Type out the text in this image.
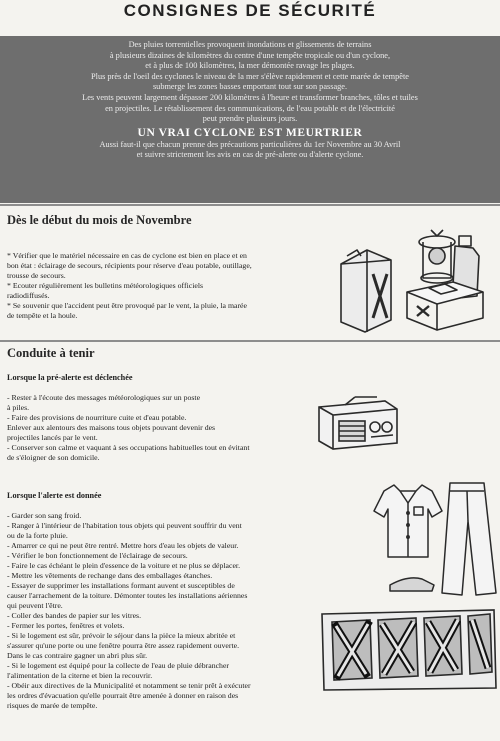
CONSIGNES DE SÉCURITÉ

Des pluies torrentielles provoquent inondations et glissements de terrains

à plusieurs dizaines de kilomètres du centre d'une tempête tropicale ou d'un cyclone,

et à plus de 100 kilomètres, la mer démontée ravage les plages.

Plus près de l'oeil des cyclones le niveau de la mer s'élève rapidement et cette marée de tempête

submerge les zones basses emportant tout sur son passage.

Les vents peuvent largement dépasser 200 kilomètres à l'heure et transformer branches, tôles et tuiles

en projectiles. Le rétablissement des communications, de l'eau potable et de l'électricité

peut prendre plusieurs jours.

UN VRAI CYCLONE EST MEURTRIER

Aussi faut-il que chacun prenne des précautions particulières du 1er Novembre au 30 Avril

et suivre strictement les avis en cas de pré-alerte ou d'alerte cyclone.

Dès le début du mois de Novembre

* Vérifier que le matériel nécessaire en cas de cyclone est bien en place et en

bon état : éclairage de secours, récipients pour réserve d'eau potable, outillage,

trousse de secours.

* Ecouter régulièrement les bulletins météorologiques officiels

radiodiffusés.

* Se souvenir que l'accident peut être provoqué par le vent, la pluie, la marée

de tempête et la houle.

Conduite à tenir
Lorsque la pré-alerte est déclenchée

- Rester à l'écoute des messages météorologiques sur un poste

à piles.

- Faire des provisions de nourriture cuite et d'eau potable.

Enlever aux alentours des maisons tous objets pouvant devenir des

projectiles lancés par le vent.

- Conserver son calme et vaquant à ses occupations habituelles tout en évitant

de s'éloigner de son domicile.

Lorsque l'alerte est donnée

- Garder son sang froid.

- Ranger à l'intérieur de l'habitation tous objets qui peuvent souffrir du vent

ou de la forte pluie.

- Amarrer ce qui ne peut être rentré. Mettre hors d'eau les objets de valeur.

- Vérifier le bon fonctionnement de l'éclairage de secours.

- Faire le cas échéant le plein d'essence de la voiture et ne plus se déplacer.

- Mettre les vêtements de rechange dans des emballages étanches.

- Essayer de supprimer les installations formant auvent et susceptibles de

causer l'arrachement de la toiture. Démonter toutes les installations aériennes

qui peuvent l'être.

- Coller des bandes de papier sur les vitres.

- Fermer les portes, fenêtres et volets.

- Si le logement est sûr, prévoir le séjour dans la pièce la mieux abritée et

s'assurer qu'une porte ou une fenêtre pourra être assez rapidement ouverte.

Dans le cas contraire gagner un abri plus sûr.

- Si le logement est équipé pour la collecte de l'eau de pluie débrancher

l'alimentation de la citerne et bien la recouvrir.

- Obéir aux directives de la Municipalité et notamment se tenir prêt à exécuter

les ordres d'évacuation qu'elle pourrait être amenée à donner en raison des

risques de marée de tempête.
